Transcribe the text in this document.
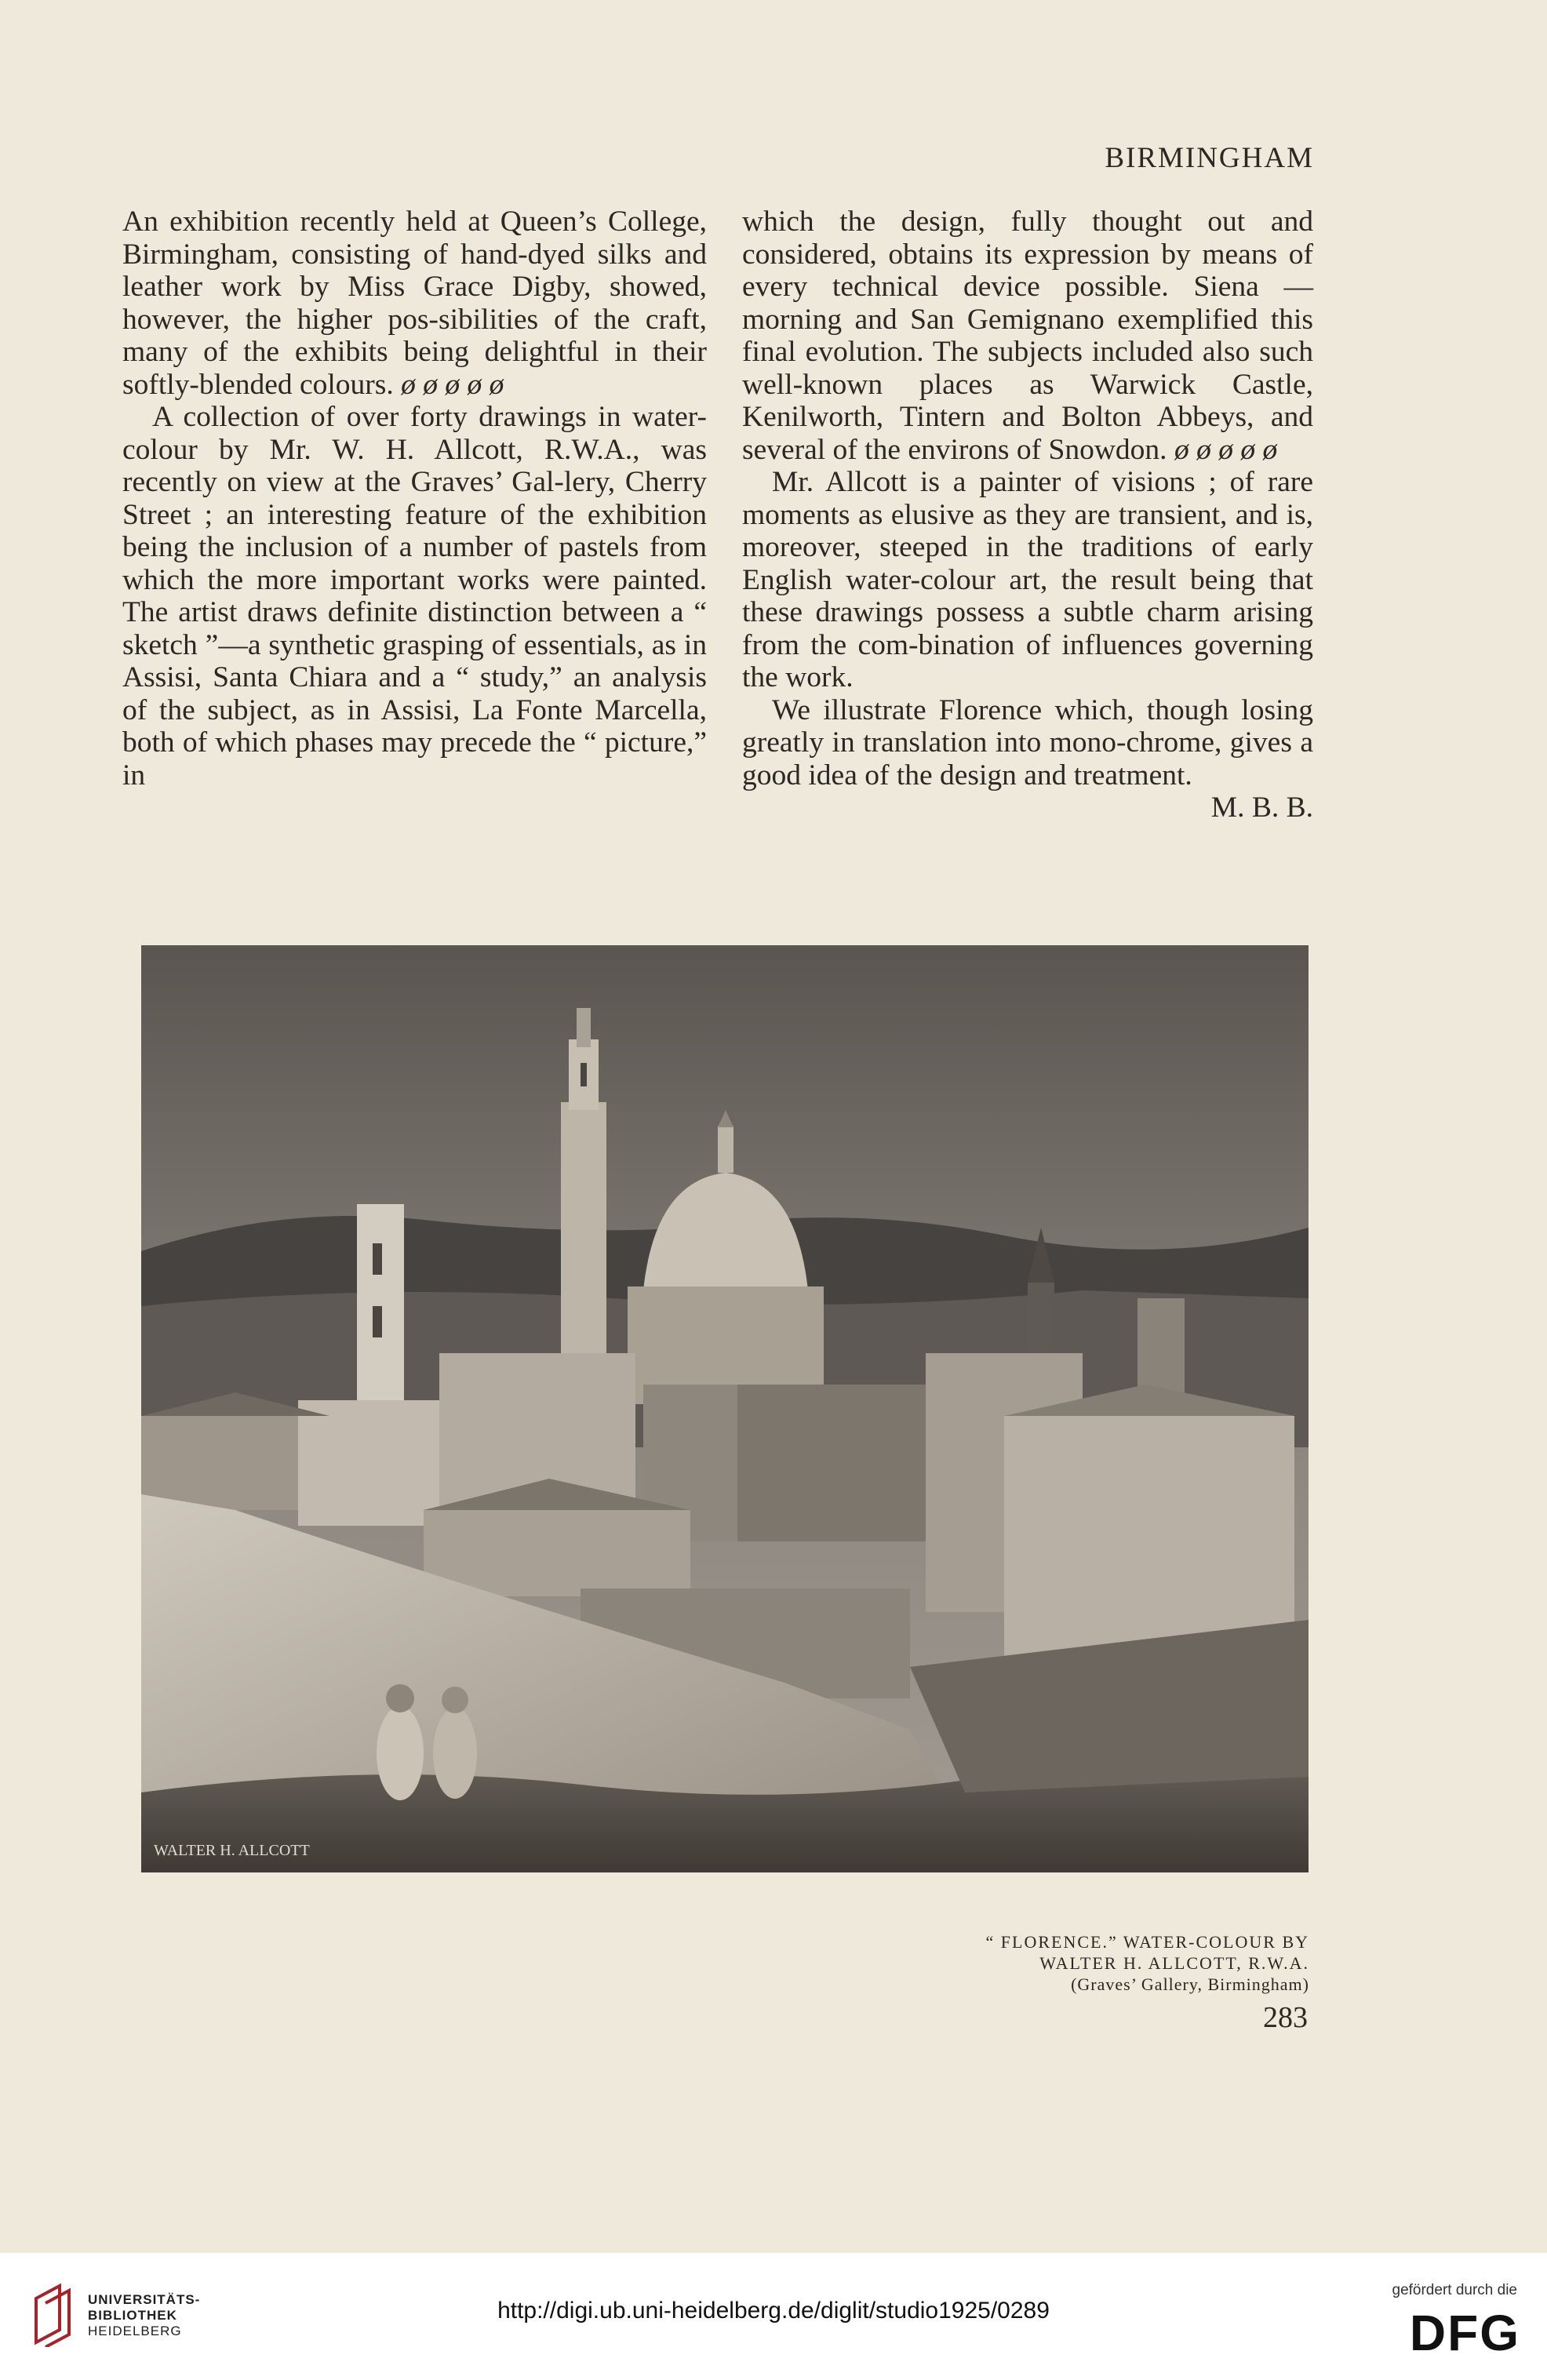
BIRMINGHAM

An exhibition recently held at Queen’s College, Birmingham, consisting of hand-dyed silks and leather work by Miss Grace Digby, showed, however, the higher pos-sibilities of the craft, many of the exhibits being delightful in their softly-blended colours. ø ø ø ø ø

A collection of over forty drawings in water-colour by Mr. W. H. Allcott, R.W.A., was recently on view at the Graves’ Gal-lery, Cherry Street ; an interesting feature of the exhibition being the inclusion of a number of pastels from which the more important works were painted. The artist draws definite distinction between a “ sketch ”—a synthetic grasping of essentials, as in Assisi, Santa Chiara and a “ study,” an analysis of the subject, as in Assisi, La Fonte Marcella, both of which phases may precede the “ picture,” in

which the design, fully thought out and considered, obtains its expression by means of every technical device possible. Siena —morning and San Gemignano exemplified this final evolution. The subjects included also such well-known places as Warwick Castle, Kenilworth, Tintern and Bolton Abbeys, and several of the environs of Snowdon. ø ø ø ø ø

Mr. Allcott is a painter of visions ; of rare moments as elusive as they are transient, and is, moreover, steeped in the traditions of early English water-colour art, the result being that these drawings possess a subtle charm arising from the com-bination of influences governing the work.

We illustrate Florence which, though losing greatly in translation into mono-chrome, gives a good idea of the design and treatment.
M. B. B.

WALTER H. ALLCOTT
“ FLORENCE.” WATER-COLOUR BY
WALTER H. ALLCOTT, R.W.A.
(Graves’ Gallery, Birmingham)
283
UNIVERSITÄTS-
BIBLIOTHEK
HEIDELBERG
http://digi.ub.uni-heidelberg.de/diglit/studio1925/0289
gefördert durch die
DFG
